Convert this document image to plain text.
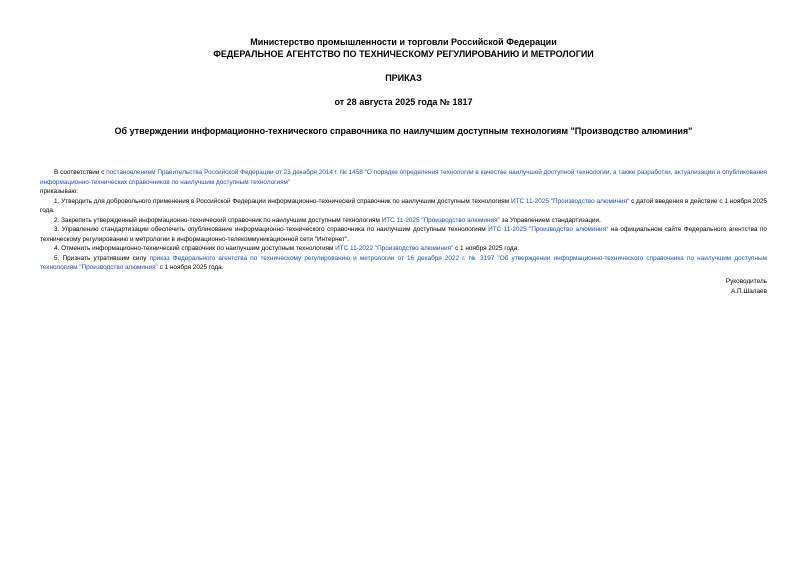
Министерство промышленности и торговли Российской Федерации
ФЕДЕРАЛЬНОЕ АГЕНТСТВО ПО ТЕХНИЧЕСКОМУ РЕГУЛИРОВАНИЮ И МЕТРОЛОГИИ
ПРИКАЗ
от 28 августа 2025 года № 1817
Об утверждении информационно-технического справочника по наилучшим доступным технологиям "Производство алюминия"

В соответствии с постановлением Правительства Российской Федерации от 23 декабря 2014 г. № 1458 "О порядке определения технологии в качестве наилучшей доступной технологии, а также разработки, актуализации и опубликования информационно-технических справочников по наилучшим доступным технологиям"

приказываю:

1. Утвердить для добровольного применения в Российской Федерации информационно-технический справочник по наилучшим доступным технологиям ИТС 11-2025 "Производство алюминия" с датой введения в действие с 1 ноября 2025 года.

2. Закрепить утвержденный информационно-технический справочник по наилучшим доступным технологиям ИТС 11-2025 "Производство алюминия" за Управлением стандартизации.

3. Управлению стандартизации обеспечить опубликование информационно-технического справочника по наилучшим доступным технологиям ИТС 11-2025 "Производство алюминия" на официальном сайте Федерального агентства по техническому регулированию и метрологии в информационно-телекоммуникационной сети "Интернет".

4. Отменить информационно-технический справочник по наилучшим доступным технологиям ИТС 11-2022 "Производство алюминия" с 1 ноября 2025 года.

5. Признать утратившим силу приказ Федерального агентства по техническому регулированию и метрологии от 16 декабря 2022 г. № 3197 "Об утверждении информационно-технического справочника по наилучшим доступным технологиям "Производство алюминия" с 1 ноября 2025 года.

Руководитель
А.П.Шалаев
